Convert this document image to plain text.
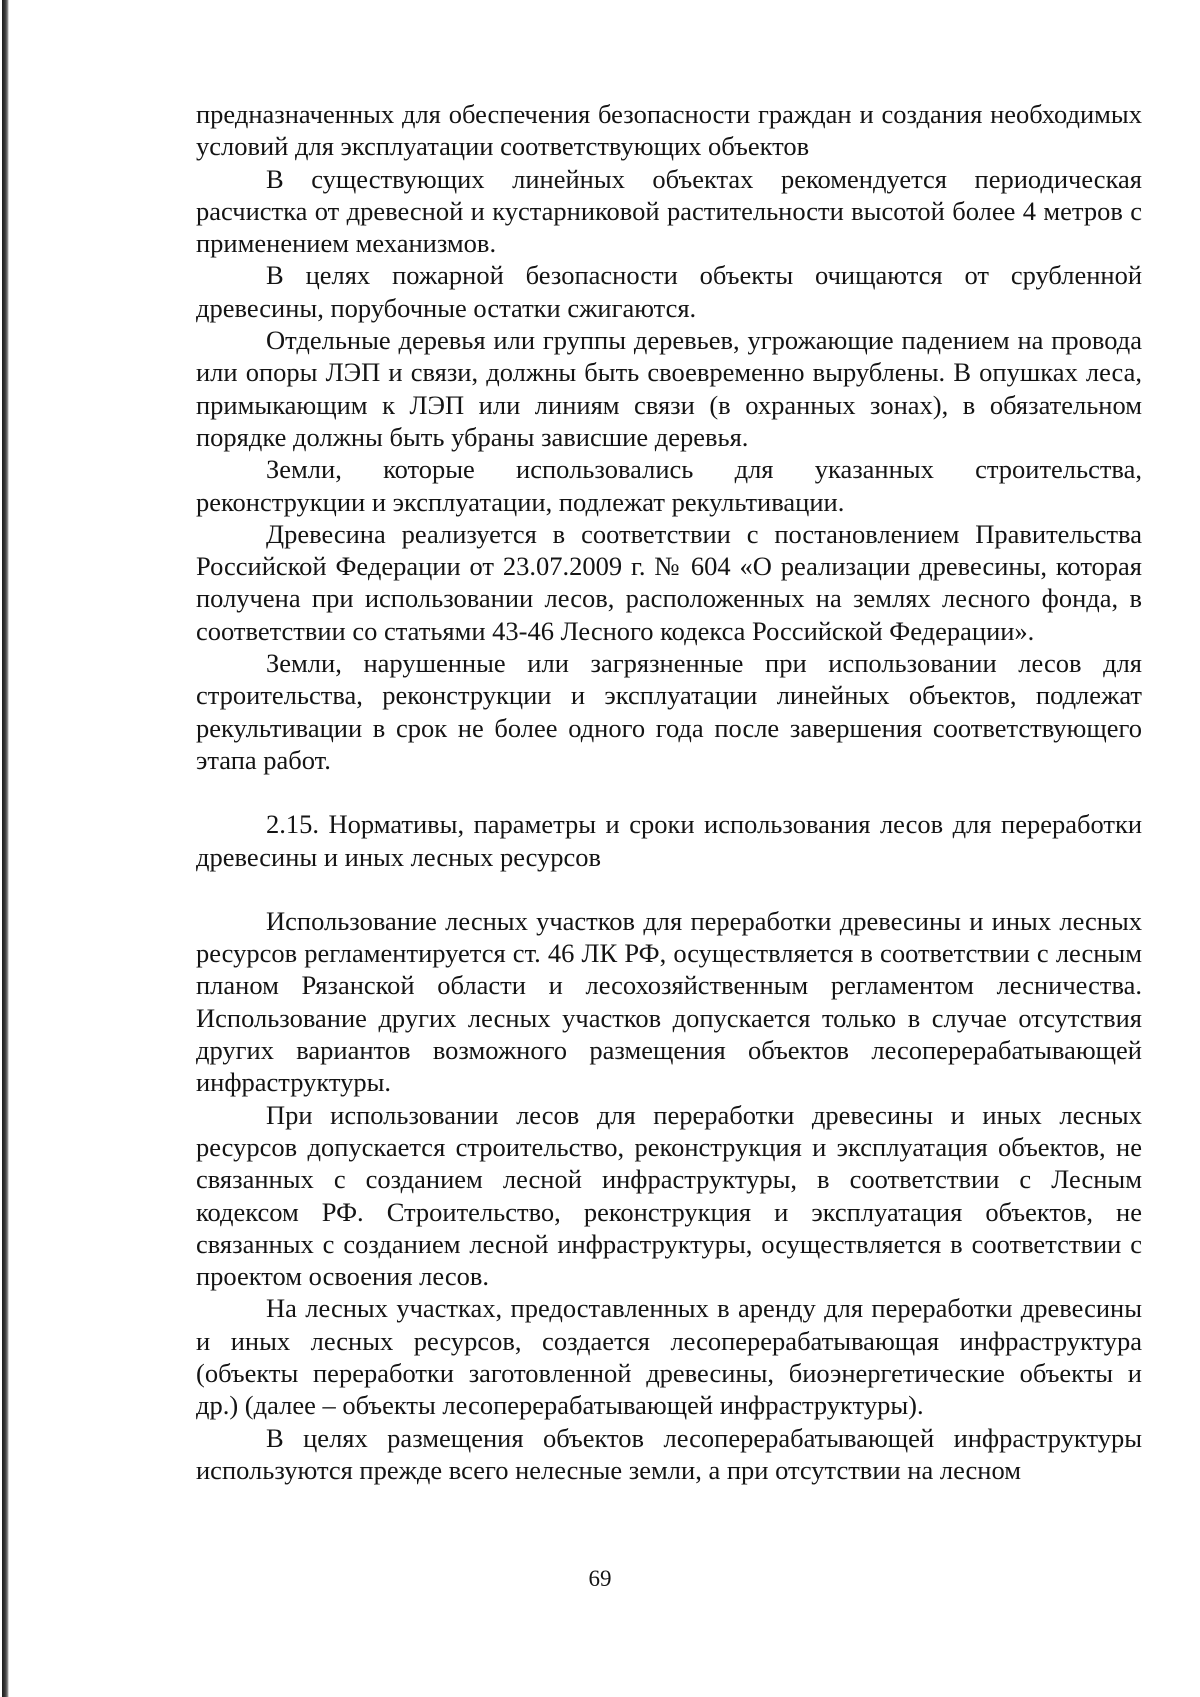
предназначенных для обеспечения безопасности граждан и создания необходимых условий для эксплуатации соответствующих объектов

В существующих линейных объектах рекомендуется периодическая расчистка от древесной и кустарниковой растительности высотой более 4 метров с применением механизмов.

В целях пожарной безопасности объекты очищаются от срубленной древесины, порубочные остатки сжигаются.

Отдельные деревья или группы деревьев, угрожающие падением на провода или опоры ЛЭП и связи, должны быть своевременно вырублены. В опушках леса, примыкающим к ЛЭП или линиям связи (в охранных зонах), в обязательном порядке должны быть убраны зависшие деревья.

Земли, которые использовались для указанных строительства, реконструкции и эксплуатации, подлежат рекультивации.

Древесина реализуется в соответствии с постановлением Правительства Российской Федерации от 23.07.2009 г. № 604 «О реализации древесины, которая получена при использовании лесов, расположенных на землях лесного фонда, в соответствии со статьями 43-46 Лесного кодекса Российской Федерации».

Земли, нарушенные или загрязненные при использовании лесов для строительства, реконструкции и эксплуатации линейных объектов, подлежат рекультивации в срок не более одного года после завершения соответствующего этапа работ.

2.15. Нормативы, параметры и сроки использования лесов для переработки древесины и иных лесных ресурсов

Использование лесных участков для переработки древесины и иных лесных ресурсов регламентируется ст. 46 ЛК РФ, осуществляется в соответствии с лесным планом Рязанской области и лесохозяйственным регламентом лесничества. Использование других лесных участков допускается только в случае отсутствия других вариантов возможного размещения объектов лесоперерабатывающей инфраструктуры.

При использовании лесов для переработки древесины и иных лесных ресурсов допускается строительство, реконструкция и эксплуатация объектов, не связанных с созданием лесной инфраструктуры, в соответствии с Лесным кодексом РФ. Строительство, реконструкция и эксплуатация объектов, не связанных с созданием лесной инфраструктуры, осуществляется в соответствии с проектом освоения лесов.

На лесных участках, предоставленных в аренду для переработки древесины и иных лесных ресурсов, создается лесоперерабатывающая инфраструктура (объекты переработки заготовленной древесины, биоэнергетические объекты и др.) (далее – объекты лесоперерабатывающей инфраструктуры).

В целях размещения объектов лесоперерабатывающей инфраструктуры используются прежде всего нелесные земли, а при отсутствии на лесном

69
